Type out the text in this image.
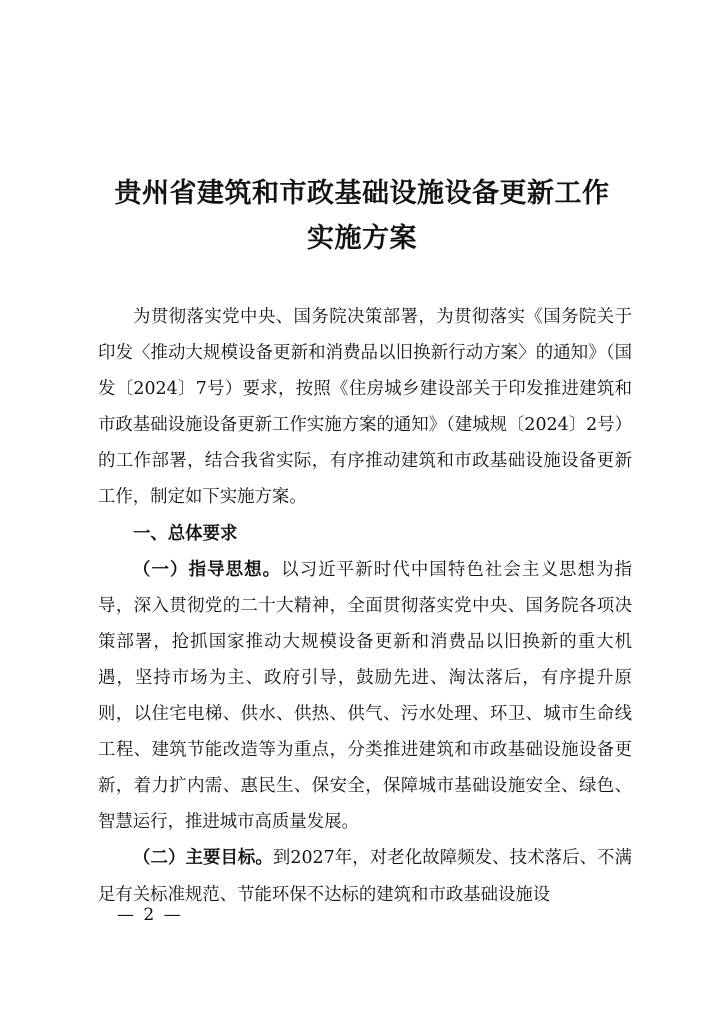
贵州省建筑和市政基础设施设备更新工作
实施方案

为贯彻落实党中央、国务院决策部署，为贯彻落实《国务院关于印发〈推动大规模设备更新和消费品以旧换新行动方案〉的通知》（国发〔2024〕7号）要求，按照《住房城乡建设部关于印发推进建筑和市政基础设施设备更新工作实施方案的通知》（建城规〔2024〕2号）的工作部署，结合我省实际，有序推动建筑和市政基础设施设备更新工作，制定如下实施方案。

一、总体要求

（一）指导思想。以习近平新时代中国特色社会主义思想为指导，深入贯彻党的二十大精神，全面贯彻落实党中央、国务院各项决策部署，抢抓国家推动大规模设备更新和消费品以旧换新的重大机遇，坚持市场为主、政府引导，鼓励先进、淘汰落后，有序提升原则，以住宅电梯、供水、供热、供气、污水处理、环卫、城市生命线工程、建筑节能改造等为重点，分类推进建筑和市政基础设施设备更新，着力扩内需、惠民生、保安全，保障城市基础设施安全、绿色、智慧运行，推进城市高质量发展。

（二）主要目标。到2027年，对老化故障频发、技术落后、不满足有关标准规范、节能环保不达标的建筑和市政基础设施设

— 2 —
